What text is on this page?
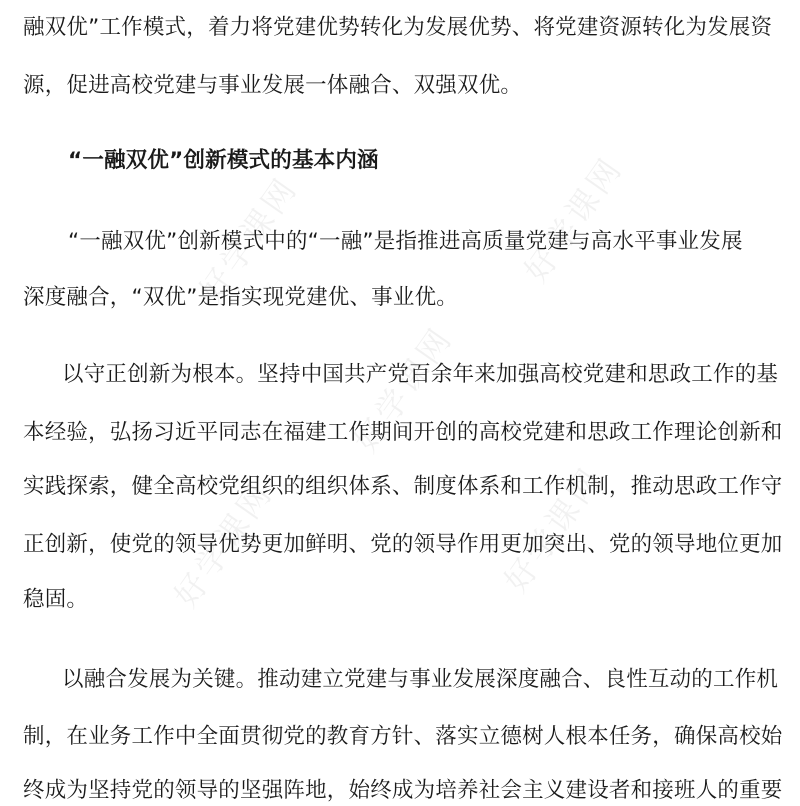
好学课网	好学课网
好学课网
好学课网
好学课网
融双优”工作模式，着力将党建优势转化为发展优势、将党建资源转化为发展资
源，促进高校党建与事业发展一体融合、双强双优。
“一融双优”创新模式的基本内涵
“一融双优”创新模式中的“一融”是指推进高质量党建与高水平事业发展
深度融合，“双优”是指实现党建优、事业优。
以守正创新为根本。坚持中国共产党百余年来加强高校党建和思政工作的基
本经验，弘扬习近平同志在福建工作期间开创的高校党建和思政工作理论创新和
实践探索，健全高校党组织的组织体系、制度体系和工作机制，推动思政工作守
正创新，使党的领导优势更加鲜明、党的领导作用更加突出、党的领导地位更加
稳固。
以融合发展为关键。推动建立党建与事业发展深度融合、良性互动的工作机
制，在业务工作中全面贯彻党的教育方针、落实立德树人根本任务，确保高校始
终成为坚持党的领导的坚强阵地，始终成为培养社会主义建设者和接班人的重要
